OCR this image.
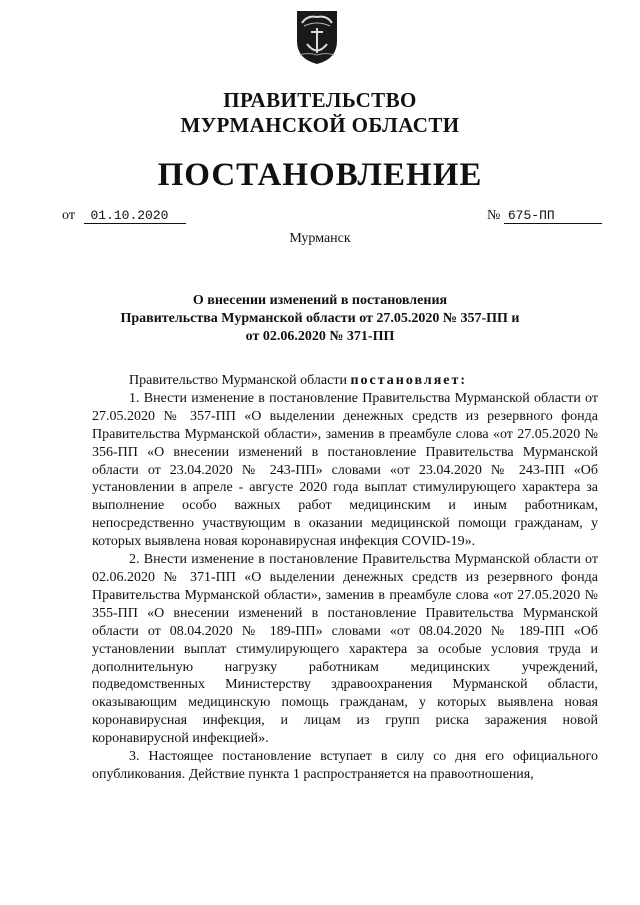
ПРАВИТЕЛЬСТВО
МУРМАНСКОЙ ОБЛАСТИ
ПОСТАНОВЛЕНИЕ
от 01.10.2020	№ 675-ПП
Мурманск
О внесении изменений в постановления
Правительства Мурманской области от 27.05.2020 № 357-ПП и
от 02.06.2020 № 371-ПП

Правительство Мурманской области постановляет:

1. Внести изменение в постановление Правительства Мурманской области от 27.05.2020 № 357-ПП «О выделении денежных средств из резервного фонда Правительства Мурманской области», заменив в преамбуле слова «от 27.05.2020 № 356-ПП «О внесении изменений в постановление Правительства Мурманской области от 23.04.2020 № 243-ПП» словами «от 23.04.2020 № 243-ПП «Об установлении в апреле - августе 2020 года выплат стимулирующего характера за выполнение особо важных работ медицинским и иным работникам, непосредственно участвующим в оказании медицинской помощи гражданам, у которых выявлена новая коронавирусная инфекция COVID-19».

2. Внести изменение в постановление Правительства Мурманской области от 02.06.2020 № 371-ПП «О выделении денежных средств из резервного фонда Правительства Мурманской области», заменив в преамбуле слова «от 27.05.2020 № 355-ПП «О внесении изменений в постановление Правительства Мурманской области от 08.04.2020 № 189-ПП» словами «от 08.04.2020 № 189-ПП «Об установлении выплат стимулирующего характера за особые условия труда и дополнительную нагрузку работникам медицинских учреждений, подведомственных Министерству здравоохранения Мурманской области, оказывающим медицинскую помощь гражданам, у которых выявлена новая коронавирусная инфекция, и лицам из групп риска заражения новой коронавирусной инфекцией».

3. Настоящее постановление вступает в силу со дня его официального опубликования. Действие пункта 1 распространяется на правоотношения,
